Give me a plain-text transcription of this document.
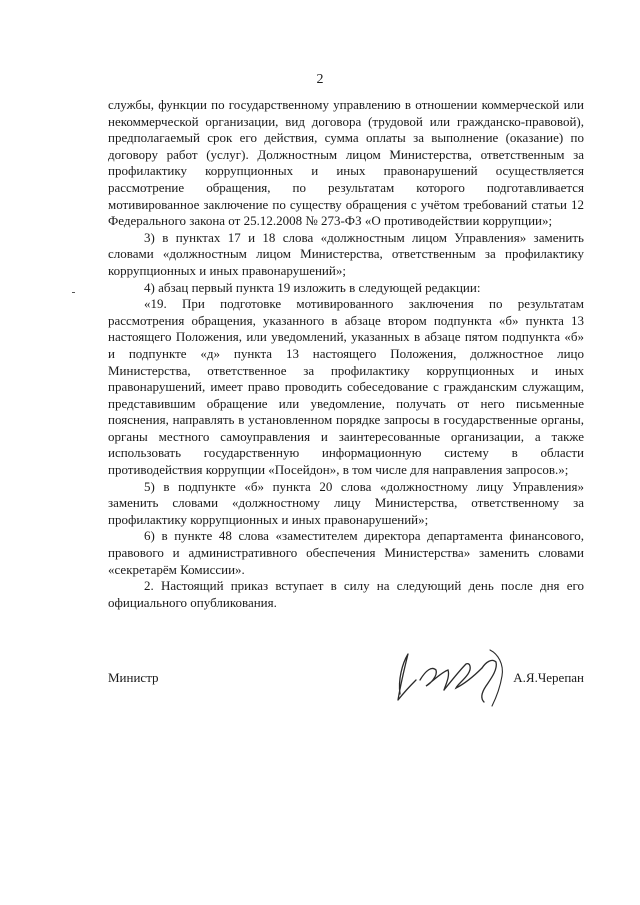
2

службы, функции по государственному управлению в отношении коммерческой или некоммерческой организации, вид договора (трудовой или гражданско-правовой), предполагаемый срок его действия, сумма оплаты за выполнение (оказание) по договору работ (услуг). Должностным лицом Министерства, ответственным за профилактику коррупционных и иных правонарушений осуществляется рассмотрение обращения, по результатам которого подготавливается мотивированное заключение по существу обращения с учётом требований статьи 12 Федерального закона от 25.12.2008 № 273-ФЗ «О противодействии коррупции»;

3) в пунктах 17 и 18 слова «должностным лицом Управления» заменить словами «должностным лицом Министерства, ответственным за профилактику коррупционных и иных правонарушений»;

4) абзац первый пункта 19 изложить в следующей редакции:

«19. При подготовке мотивированного заключения по результатам рассмотрения обращения, указанного в абзаце втором подпункта «б» пункта 13 настоящего Положения, или уведомлений, указанных в абзаце пятом подпункта «б» и подпункте «д» пункта 13 настоящего Положения, должностное лицо Министерства, ответственное за профилактику коррупционных и иных правонарушений, имеет право проводить собеседование с гражданским служащим, представившим обращение или уведомление, получать от него письменные пояснения, направлять в установленном порядке запросы в государственные органы, органы местного самоуправления и заинтересованные организации, а также использовать государственную информационную систему в области противодействия коррупции «Посейдон», в том числе для направления запросов.»;

5) в подпункте «б» пункта 20 слова «должностному лицу Управления» заменить словами «должностному лицу Министерства, ответственному за профилактику коррупционных и иных правонарушений»;

6) в пункте 48 слова «заместителем директора департамента финансового, правового и административного обеспечения Министерства» заменить словами «секретарём Комиссии».

2. Настоящий приказ вступает в силу на следующий день после дня его официального опубликования.

Министр	А.Я.Черепан
